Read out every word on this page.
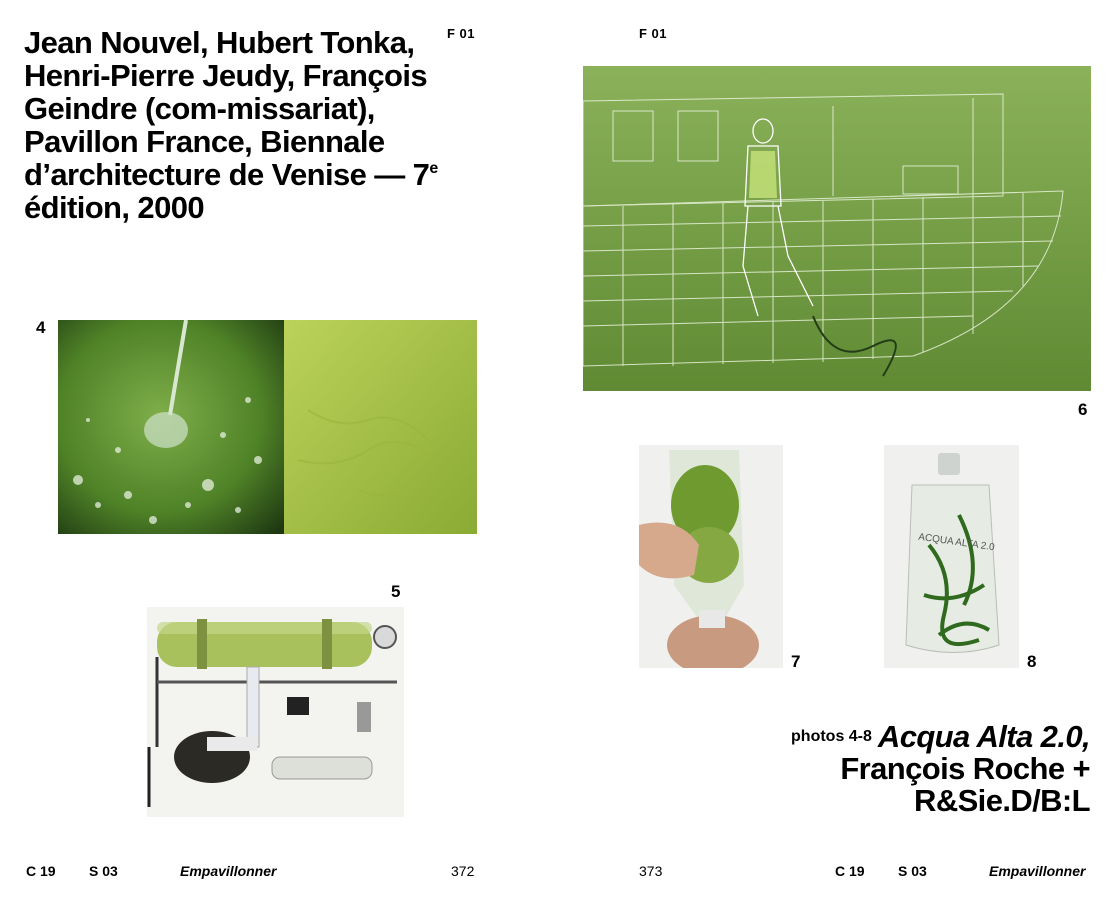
F 01
Jean Nouvel, Hubert Tonka, Henri-Pierre Jeudy, François Geindre (com-missariat), Pavillon France, Biennale d’architecture de Venise — 7e édition, 2000
4
5
C 19 S 03	Empavillonner	372
F 01
6
7
ACQUA ALTA 2.0
8
photos 4-8 Acqua Alta 2.0,
François Roche +
R&Sie.D/B:L
373	C 19 S 03	Empavillonner
